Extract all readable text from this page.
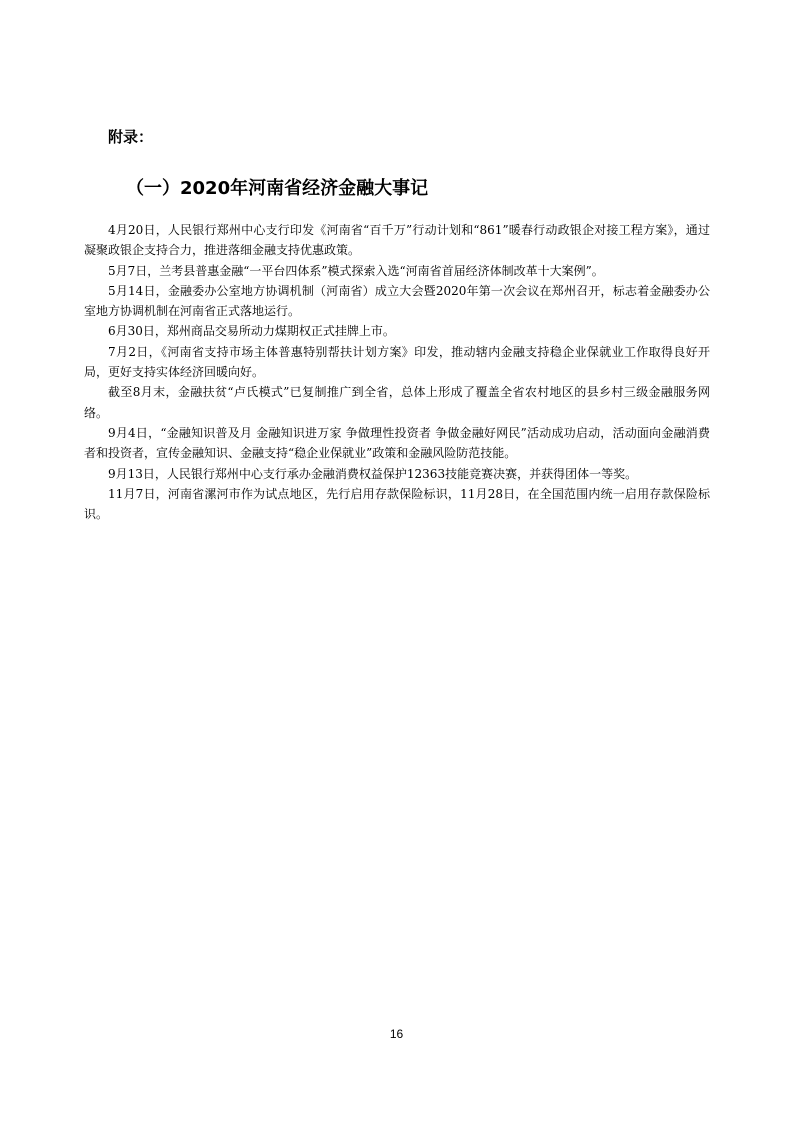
附录：
（一）2020年河南省经济金融大事记

4月20日，人民银行郑州中心支行印发《河南省“百千万”行动计划和“861”暖春行动政银企对接工程方案》，通过凝聚政银企支持合力，推进落细金融支持优惠政策。

5月7日，兰考县普惠金融“一平台四体系”模式探索入选“河南省首届经济体制改革十大案例”。

5月14日，金融委办公室地方协调机制（河南省）成立大会暨2020年第一次会议在郑州召开，标志着金融委办公室地方协调机制在河南省正式落地运行。

6月30日，郑州商品交易所动力煤期权正式挂牌上市。

7月2日，《河南省支持市场主体普惠特别帮扶计划方案》印发，推动辖内金融支持稳企业保就业工作取得良好开局，更好支持实体经济回暖向好。

截至8月末，金融扶贫“卢氏模式”已复制推广到全省，总体上形成了覆盖全省农村地区的县乡村三级金融服务网络。

9月4日，“金融知识普及月 金融知识进万家 争做理性投资者 争做金融好网民”活动成功启动，活动面向金融消费者和投资者，宣传金融知识、金融支持“稳企业保就业”政策和金融风险防范技能。

9月13日，人民银行郑州中心支行承办金融消费权益保护12363技能竞赛决赛，并获得团体一等奖。

11月7日，河南省漯河市作为试点地区，先行启用存款保险标识，11月28日，在全国范围内统一启用存款保险标识。

16
